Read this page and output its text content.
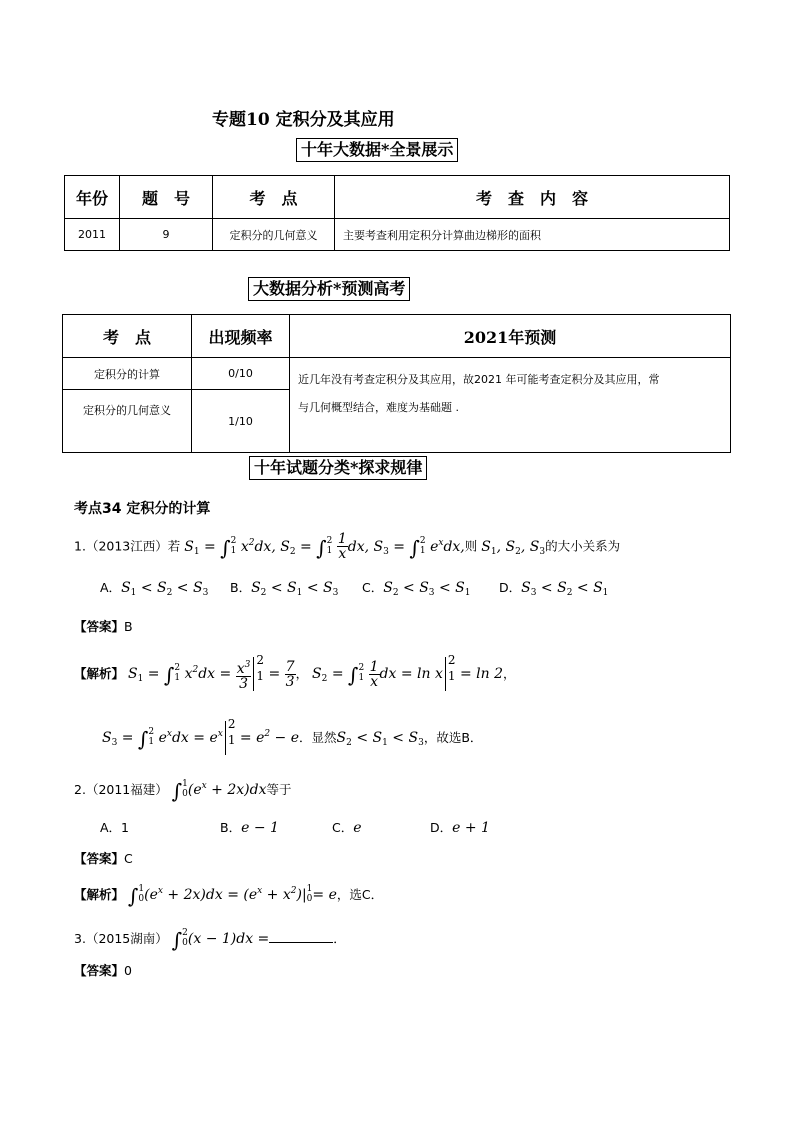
专题10 定积分及其应用
十年大数据*全景展示
年份	题　号	考　点	考　查　内　容
2011	9	定积分的几何意义	主要考查利用定积分计算曲边梯形的面积
大数据分析*预测高考
考　点	出现频率	2021年预测
定积分的计算	0/10	近几年没有考查定积分及其应用，故2021 年可能考查定积分及其应用，常
与几何概型结合，难度为基础题 .
定积分的几何意义	1/10	
十年试题分类*探求规律
考点34 定积分的计算
1.（2013江西）若 $S_1 = \int 2$
1 $x^2dx$, $S_2 = \int 2$
$1 \frac{1}{x}$ dx, $S_3 = \int 2$
1 $e^xdx$,则 $S_1$, $S_2$, $S_3$的大小关系为
A．$S_1 < S_2 < S_3$ B．$S_2 < S_1 < S_3$ C．$S_2 < S_3 < S_1$ D．$S_3 < S_2 < S_1$
【答案】B
【解析】 $S_1 = \int 2$
1 $x^2dx = \frac{x^3}{3} 2$
$1 = \frac{7}{3}$ ， $S_2 = \int 2$
$1 \frac{1}{x}$ dx = ln x2
1 = ln 2，
$S_3 = \int 2$
1 $e^xdx = e^x2$
$1 = e^2 - e$．显然$S_2 < S_1 < S_3$，故选B．
2.（2011福建） ∫1
$0(e^x + 2x)dx$等于
A．1	B．e − 1	C．e	D．e + 1
【答案】C
【解析】 ∫1
$0(e^x + 2x)dx = (e^x + x^2)|1$
0= e，选C．
3.（2015湖南） ∫2
0(x − 1)dx =	．
【答案】0
